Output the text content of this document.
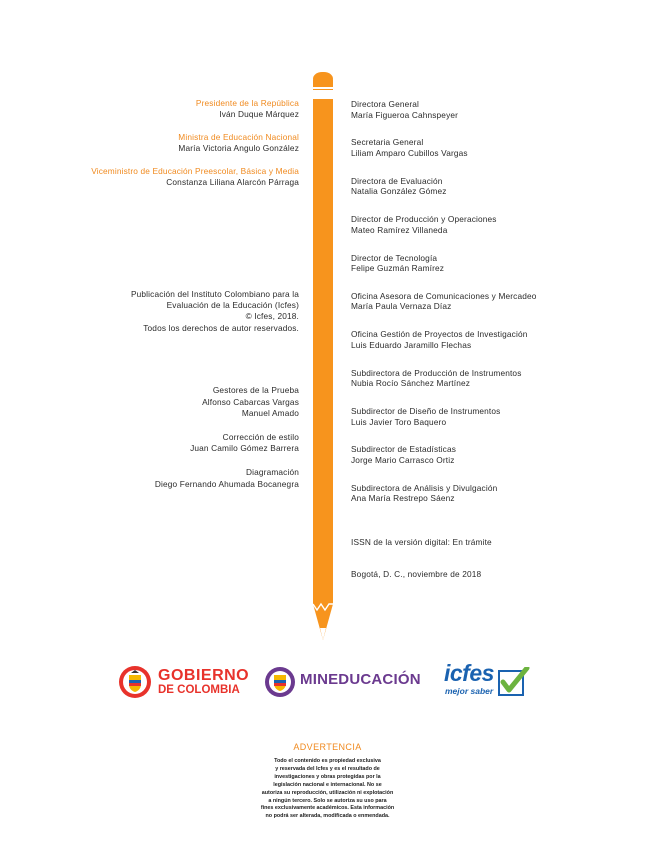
Presidente de la República
Iván Duque Márquez
Ministra de Educación Nacional
María Victoria Angulo González
Viceministro de Educación Preescolar, Básica y Media
Constanza Liliana Alarcón Párraga
Publicación del Instituto Colombiano para la
Evaluación de la Educación (Icfes)
© Icfes, 2018.
Todos los derechos de autor reservados.
Gestores de la Prueba
Alfonso Cabarcas Vargas
Manuel Amado
Corrección de estilo
Juan Camilo Gómez Barrera
Diagramación
Diego Fernando Ahumada Bocanegra
Directora General
María Figueroa Cahnspeyer
Secretaria General
Liliam Amparo Cubillos Vargas
Directora de Evaluación
Natalia González Gómez
Director de Producción y Operaciones
Mateo Ramírez Villaneda
Director de Tecnología
Felipe Guzmán Ramírez
Oficina Asesora de Comunicaciones y Mercadeo
María Paula Vernaza Díaz
Oficina Gestión de Proyectos de Investigación
Luis Eduardo Jaramillo Flechas
Subdirectora de Producción de Instrumentos
Nubia Rocío Sánchez Martínez
Subdirector de Diseño de Instrumentos
Luis Javier Toro Baquero
Subdirector de Estadísticas
Jorge Mario Carrasco Ortiz
Subdirectora de Análisis y Divulgación
Ana María Restrepo Sáenz
ISSN de la versión digital: En trámite
Bogotá, D. C., noviembre de 2018
GOBIERNO
DE COLOMBIA
MINEDUCACIÓN icfes
mejor saber
ADVERTENCIA
Todo el contenido es propiedad exclusiva
y reservada del Icfes y es el resultado de
investigaciones y obras protegidas por la
legislación nacional e internacional. No se
autoriza su reproducción, utilización ni explotación
a ningún tercero. Solo se autoriza su uso para
fines exclusivamente académicos. Esta información
no podrá ser alterada, modificada o enmendada.
